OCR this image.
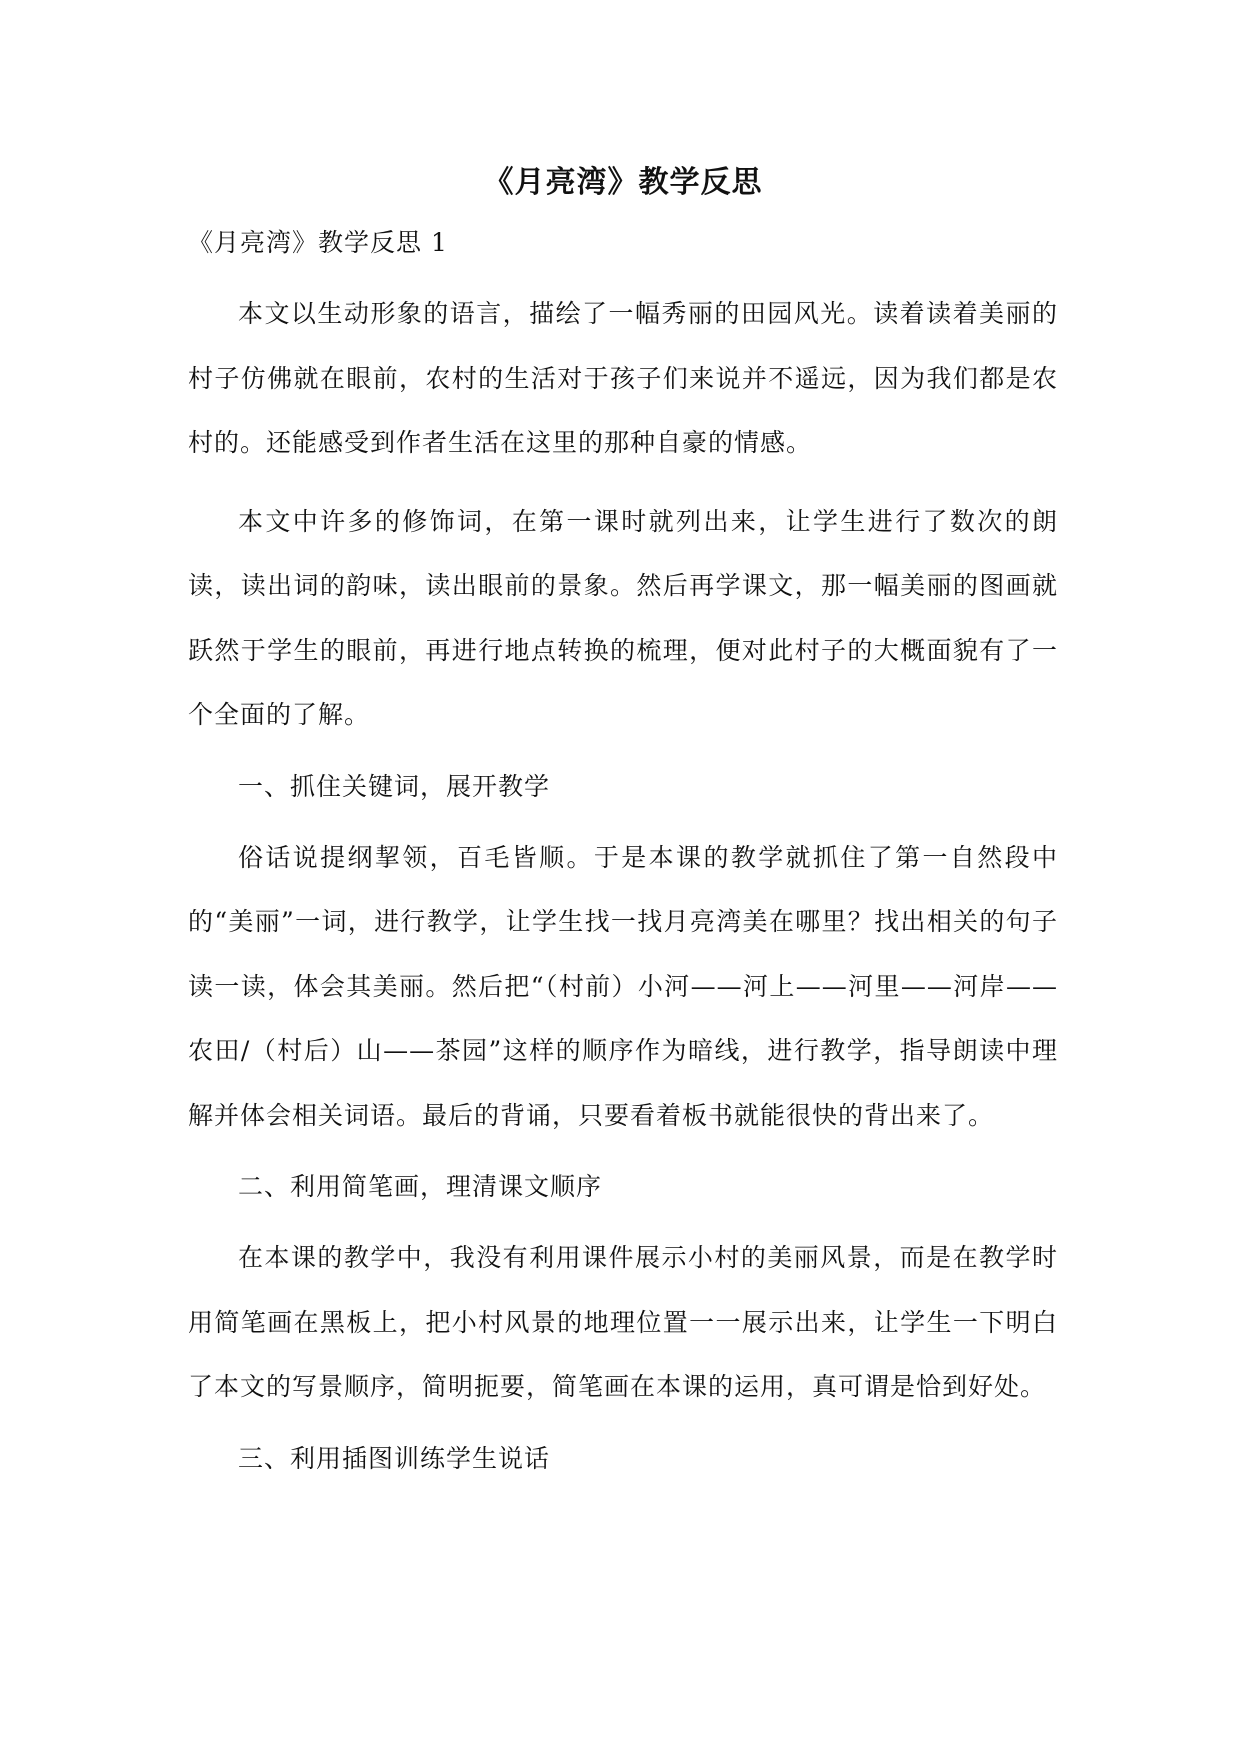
《月亮湾》教学反思

《月亮湾》教学反思 1

本文以生动形象的语言，描绘了一幅秀丽的田园风光。读着读着美丽的村子仿佛就在眼前，农村的生活对于孩子们来说并不遥远，因为我们都是农村的。还能感受到作者生活在这里的那种自豪的情感。

本文中许多的修饰词，在第一课时就列出来，让学生进行了数次的朗读，读出词的韵味，读出眼前的景象。然后再学课文，那一幅美丽的图画就跃然于学生的眼前，再进行地点转换的梳理，便对此村子的大概面貌有了一个全面的了解。

一、抓住关键词，展开教学

俗话说提纲挈领，百毛皆顺。于是本课的教学就抓住了第一自然段中的“美丽”一词，进行教学，让学生找一找月亮湾美在哪里？找出相关的句子读一读，体会其美丽。然后把“（村前）小河——河上——河里——河岸——农田/（村后）山——茶园”这样的顺序作为暗线，进行教学，指导朗读中理解并体会相关词语。最后的背诵，只要看着板书就能很快的背出来了。

二、利用简笔画，理清课文顺序

在本课的教学中，我没有利用课件展示小村的美丽风景，而是在教学时用简笔画在黑板上，把小村风景的地理位置一一展示出来，让学生一下明白了本文的写景顺序，简明扼要，简笔画在本课的运用，真可谓是恰到好处。

三、利用插图训练学生说话
